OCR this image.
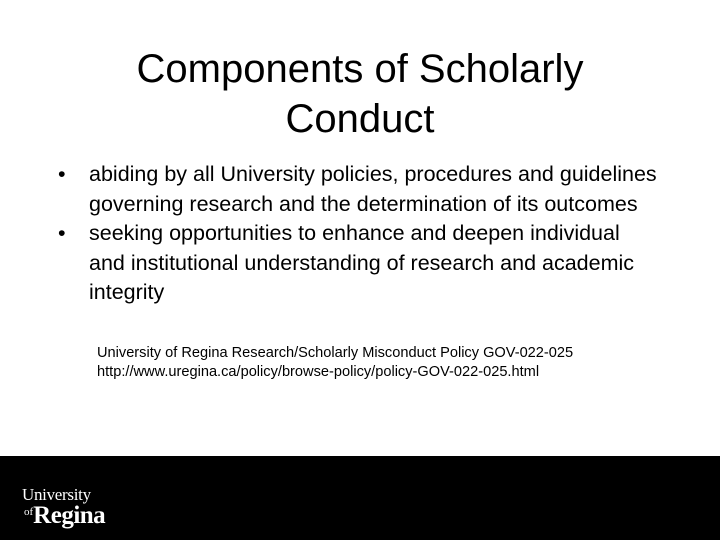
Components of Scholarly Conduct
• abiding by all University policies, procedures and guidelines governing research and the determination of its outcomes
• seeking opportunities to enhance and deepen individual and institutional understanding of research and academic integrity
University of Regina Research/Scholarly Misconduct Policy GOV-022-025
http://www.uregina.ca/policy/browse-policy/policy-GOV-022-025.html
University
$^{of}$Regina
